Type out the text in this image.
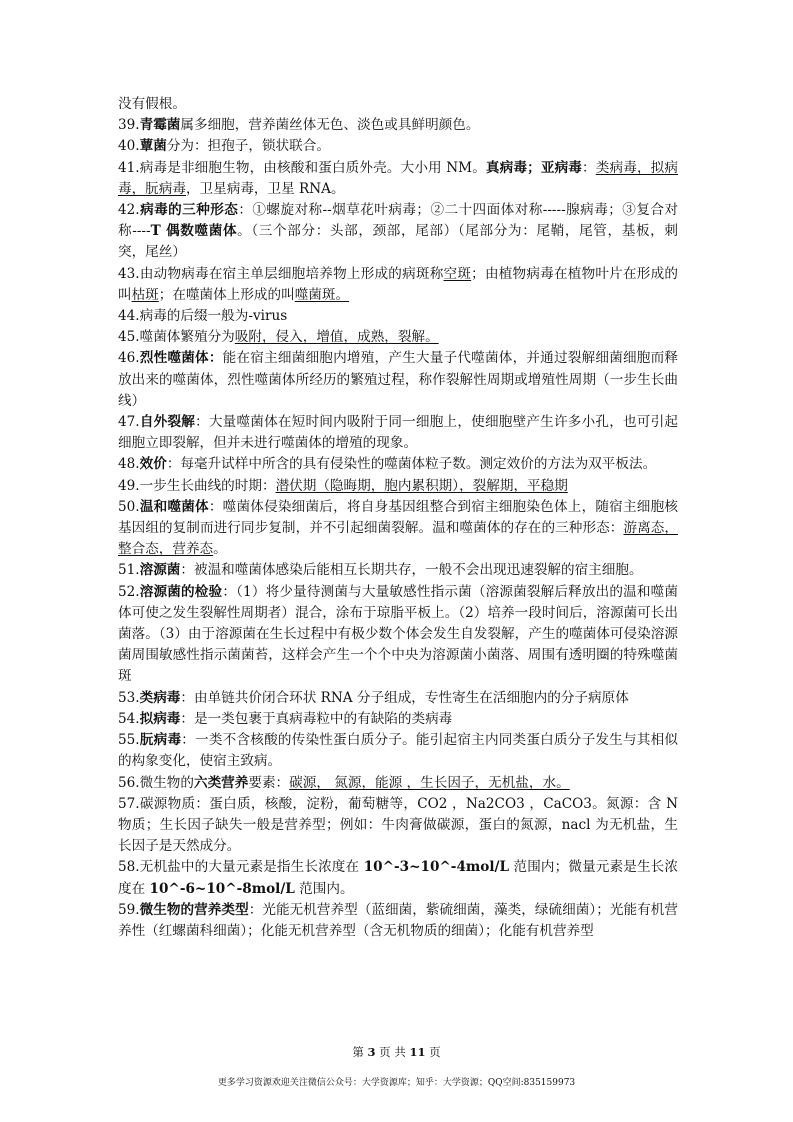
没有假根。

39.青霉菌属多细胞，营养菌丝体无色、淡色或具鲜明颜色。

40.蕈菌分为：担孢子，锁状联合。

41.病毒是非细胞生物，由核酸和蛋白质外壳。大小用 NM。真病毒；亚病毒：类病毒，拟病毒，朊病毒，卫星病毒，卫星 RNA。

42.病毒的三种形态：①螺旋对称--烟草花叶病毒；②二十四面体对称-----腺病毒；③复合对称----T 偶数噬菌体。（三个部分：头部，颈部，尾部）（尾部分为：尾鞘，尾管，基板，刺突，尾丝）

43.由动物病毒在宿主单层细胞培养物上形成的病斑称空斑；由植物病毒在植物叶片在形成的叫枯斑；在噬菌体上形成的叫噬菌斑。

44.病毒的后缀一般为-virus

45.噬菌体繁殖分为吸附，侵入，增值，成熟，裂解。

46.烈性噬菌体：能在宿主细菌细胞内增殖，产生大量子代噬菌体，并通过裂解细菌细胞而释放出来的噬菌体，烈性噬菌体所经历的繁殖过程，称作裂解性周期或增殖性周期（一步生长曲线）

47.自外裂解：大量噬菌体在短时间内吸附于同一细胞上，使细胞壁产生许多小孔，也可引起细胞立即裂解，但并未进行噬菌体的增殖的现象。

48.效价：每毫升试样中所含的具有侵染性的噬菌体粒子数。测定效价的方法为双平板法。

49.一步生长曲线的时期：潜伏期（隐晦期，胞内累积期），裂解期，平稳期

50.温和噬菌体：噬菌体侵染细菌后，将自身基因组整合到宿主细胞染色体上，随宿主细胞核基因组的复制而进行同步复制，并不引起细菌裂解。温和噬菌体的存在的三种形态：游离态，整合态，营养态。

51.溶源菌：被温和噬菌体感染后能相互长期共存，一般不会出现迅速裂解的宿主细胞。

52.溶源菌的检验：（1）将少量待测菌与大量敏感性指示菌（溶源菌裂解后释放出的温和噬菌体可使之发生裂解性周期者）混合，涂布于琼脂平板上。（2）培养一段时间后，溶源菌可长出菌落。（3）由于溶源菌在生长过程中有极少数个体会发生自发裂解，产生的噬菌体可侵染溶源菌周围敏感性指示菌菌苔，这样会产生一个个中央为溶源菌小菌落、周围有透明圈的特殊噬菌斑

53.类病毒：由单链共价闭合环状 RNA 分子组成，专性寄生在活细胞内的分子病原体

54.拟病毒：是一类包裹于真病毒粒中的有缺陷的类病毒

55.朊病毒：一类不含核酸的传染性蛋白质分子。能引起宿主内同类蛋白质分子发生与其相似的构象变化，使宿主致病。

56.微生物的六类营养要素：碳源， 氮源，能源 ，生长因子，无机盐，水。

57.碳源物质：蛋白质，核酸，淀粉，葡萄糖等，CO2 ，Na2CO3 ，CaCO3。氮源：含 N 物质；生长因子缺失一般是营养型；例如：牛肉膏做碳源，蛋白的氮源，nacl 为无机盐，生长因子是天然成分。

58.无机盐中的大量元素是指生长浓度在 10^-3~10^-4mol/L 范围内；微量元素是生长浓度在 10^-6~10^-8mol/L 范围内。

59.微生物的营养类型：光能无机营养型（蓝细菌，紫硫细菌，藻类，绿硫细菌）；光能有机营养性（红螺菌科细菌）；化能无机营养型（含无机物质的细菌）；化能有机营养型

第 3 页 共 11 页
更多学习资源欢迎关注微信公众号：大学资源库；知乎：大学资源；QQ空间:835159973
